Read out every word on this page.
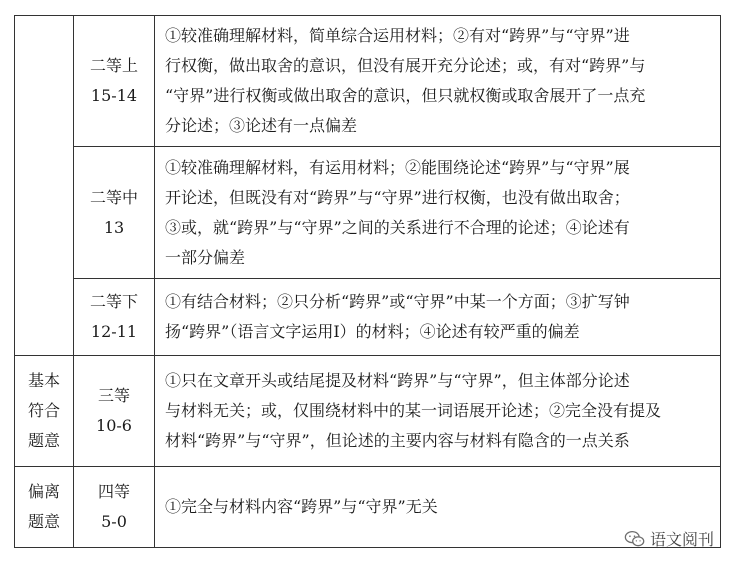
二等上
15-14
①较准确理解材料，简单综合运用材料；②有对“跨界”与“守界”进
行权衡，做出取舍的意识，但没有展开充分论述；或，有对“跨界”与
“守界”进行权衡或做出取舍的意识，但只就权衡或取舍展开了一点充
分论述；③论述有一点偏差
二等中
13
①较准确理解材料，有运用材料；②能围绕论述“跨界”与“守界”展
开论述，但既没有对“跨界”与“守界”进行权衡，也没有做出取舍；
③或，就“跨界”与“守界”之间的关系进行不合理的论述；④论述有
一部分偏差
二等下
12-11
①有结合材料；②只分析“跨界”或“守界”中某一个方面；③扩写钟
扬“跨界”（语言文字运用Ⅰ）的材料；④论述有较严重的偏差
基本
符合
题意
三等
10-6
①只在文章开头或结尾提及材料“跨界”与“守界”，但主体部分论述
与材料无关；或，仅围绕材料中的某一词语展开论述；②完全没有提及
材料“跨界”与“守界”，但论述的主要内容与材料有隐含的一点关系
偏离
题意
四等
5-0
①完全与材料内容“跨界”与“守界”无关
语文阅刊
